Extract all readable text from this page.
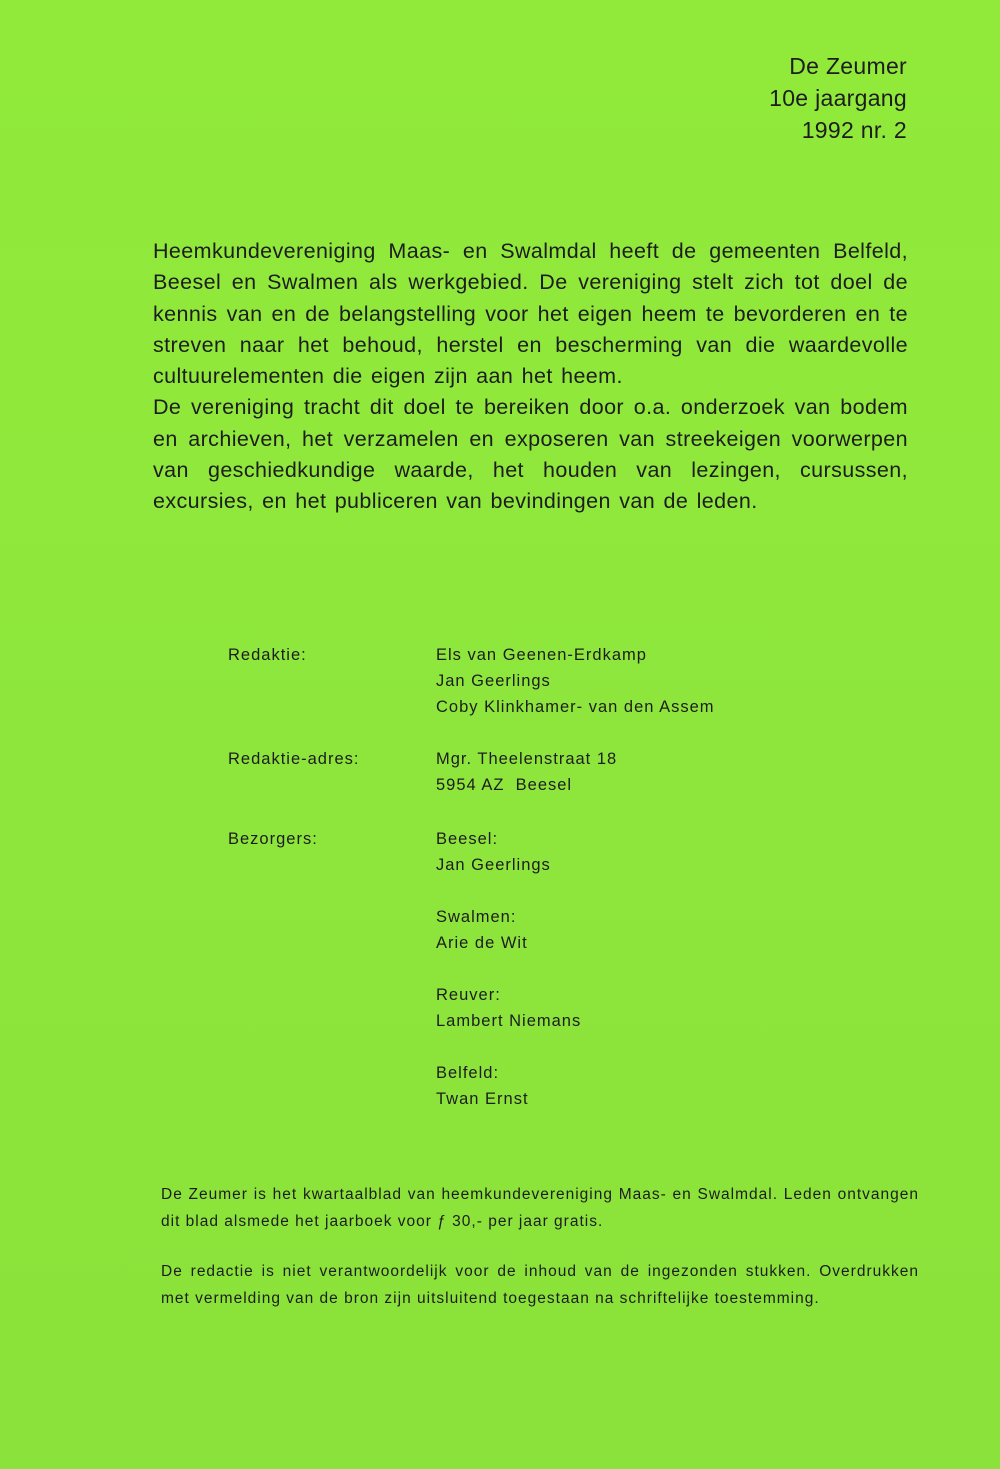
De Zeumer
10e jaargang
1992 nr. 2

Heemkundevereniging Maas- en Swalmdal heeft de gemeenten Belfeld, Beesel en Swalmen als werkgebied. De vereniging stelt zich tot doel de kennis van en de belangstelling voor het eigen heem te bevorderen en te streven naar het behoud, herstel en bescherming van die waardevolle cultuurelementen die eigen zijn aan het heem.

De vereniging tracht dit doel te bereiken door o.a. onderzoek van bodem en archieven, het verzamelen en exposeren van streekeigen voorwerpen van geschiedkundige waarde, het houden van lezingen, cursussen, excursies, en het publiceren van bevindingen van de leden.

Redaktie:	Els van Geenen-Erdkamp
Jan Geerlings
Coby Klinkhamer- van den Assem
Redaktie-adres:	Mgr. Theelenstraat 18
5954 AZ  Beesel
Bezorgers:	Beesel:
Jan Geerlings
Swalmen:
Arie de Wit
Reuver:
Lambert Niemans
Belfeld:
Twan Ernst

De Zeumer is het kwartaalblad van heemkundevereniging Maas- en Swalmdal. Leden ontvangen dit blad alsmede het jaarboek voor ƒ 30,- per jaar gratis.

De redactie is niet verantwoordelijk voor de inhoud van de ingezonden stukken. Overdrukken met vermelding van de bron zijn uitsluitend toegestaan na schriftelijke toestemming.
